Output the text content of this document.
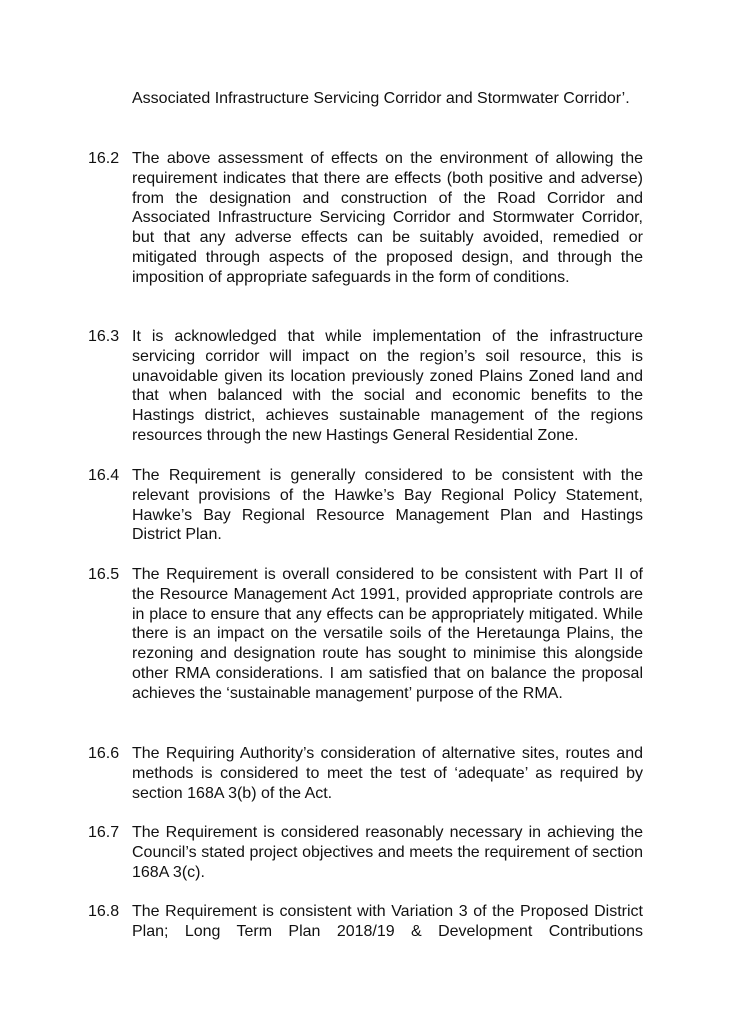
Associated Infrastructure Servicing Corridor and Stormwater Corridor’.
16.2 The above assessment of effects on the environment of allowing the requirement indicates that there are effects (both positive and adverse) from the designation and construction of the Road Corridor and Associated Infrastructure Servicing Corridor and Stormwater Corridor, but that any adverse effects can be suitably avoided, remedied or mitigated through aspects of the proposed design, and through the imposition of appropriate safeguards in the form of conditions.
16.3 It is acknowledged that while implementation of the infrastructure servicing corridor will impact on the region’s soil resource, this is unavoidable given its location previously zoned Plains Zoned land and that when balanced with the social and economic benefits to the Hastings district, achieves sustainable management of the regions resources through the new Hastings General Residential Zone.
16.4 The Requirement is generally considered to be consistent with the relevant provisions of the Hawke’s Bay Regional Policy Statement, Hawke’s Bay Regional Resource Management Plan and Hastings District Plan.
16.5 The Requirement is overall considered to be consistent with Part II of the Resource Management Act 1991, provided appropriate controls are in place to ensure that any effects can be appropriately mitigated. While there is an impact on the versatile soils of the Heretaunga Plains, the rezoning and designation route has sought to minimise this alongside other RMA considerations. I am satisfied that on balance the proposal achieves the ‘sustainable management’ purpose of the RMA.
16.6 The Requiring Authority’s consideration of alternative sites, routes and methods is considered to meet the test of ‘adequate’ as required by section 168A 3(b) of the Act.
16.7 The Requirement is considered reasonably necessary in achieving the Council’s stated project objectives and meets the requirement of section 168A 3(c).
16.8 The Requirement is consistent with Variation 3 of the Proposed District Plan; Long Term Plan 2018/19 & Development Contributions
